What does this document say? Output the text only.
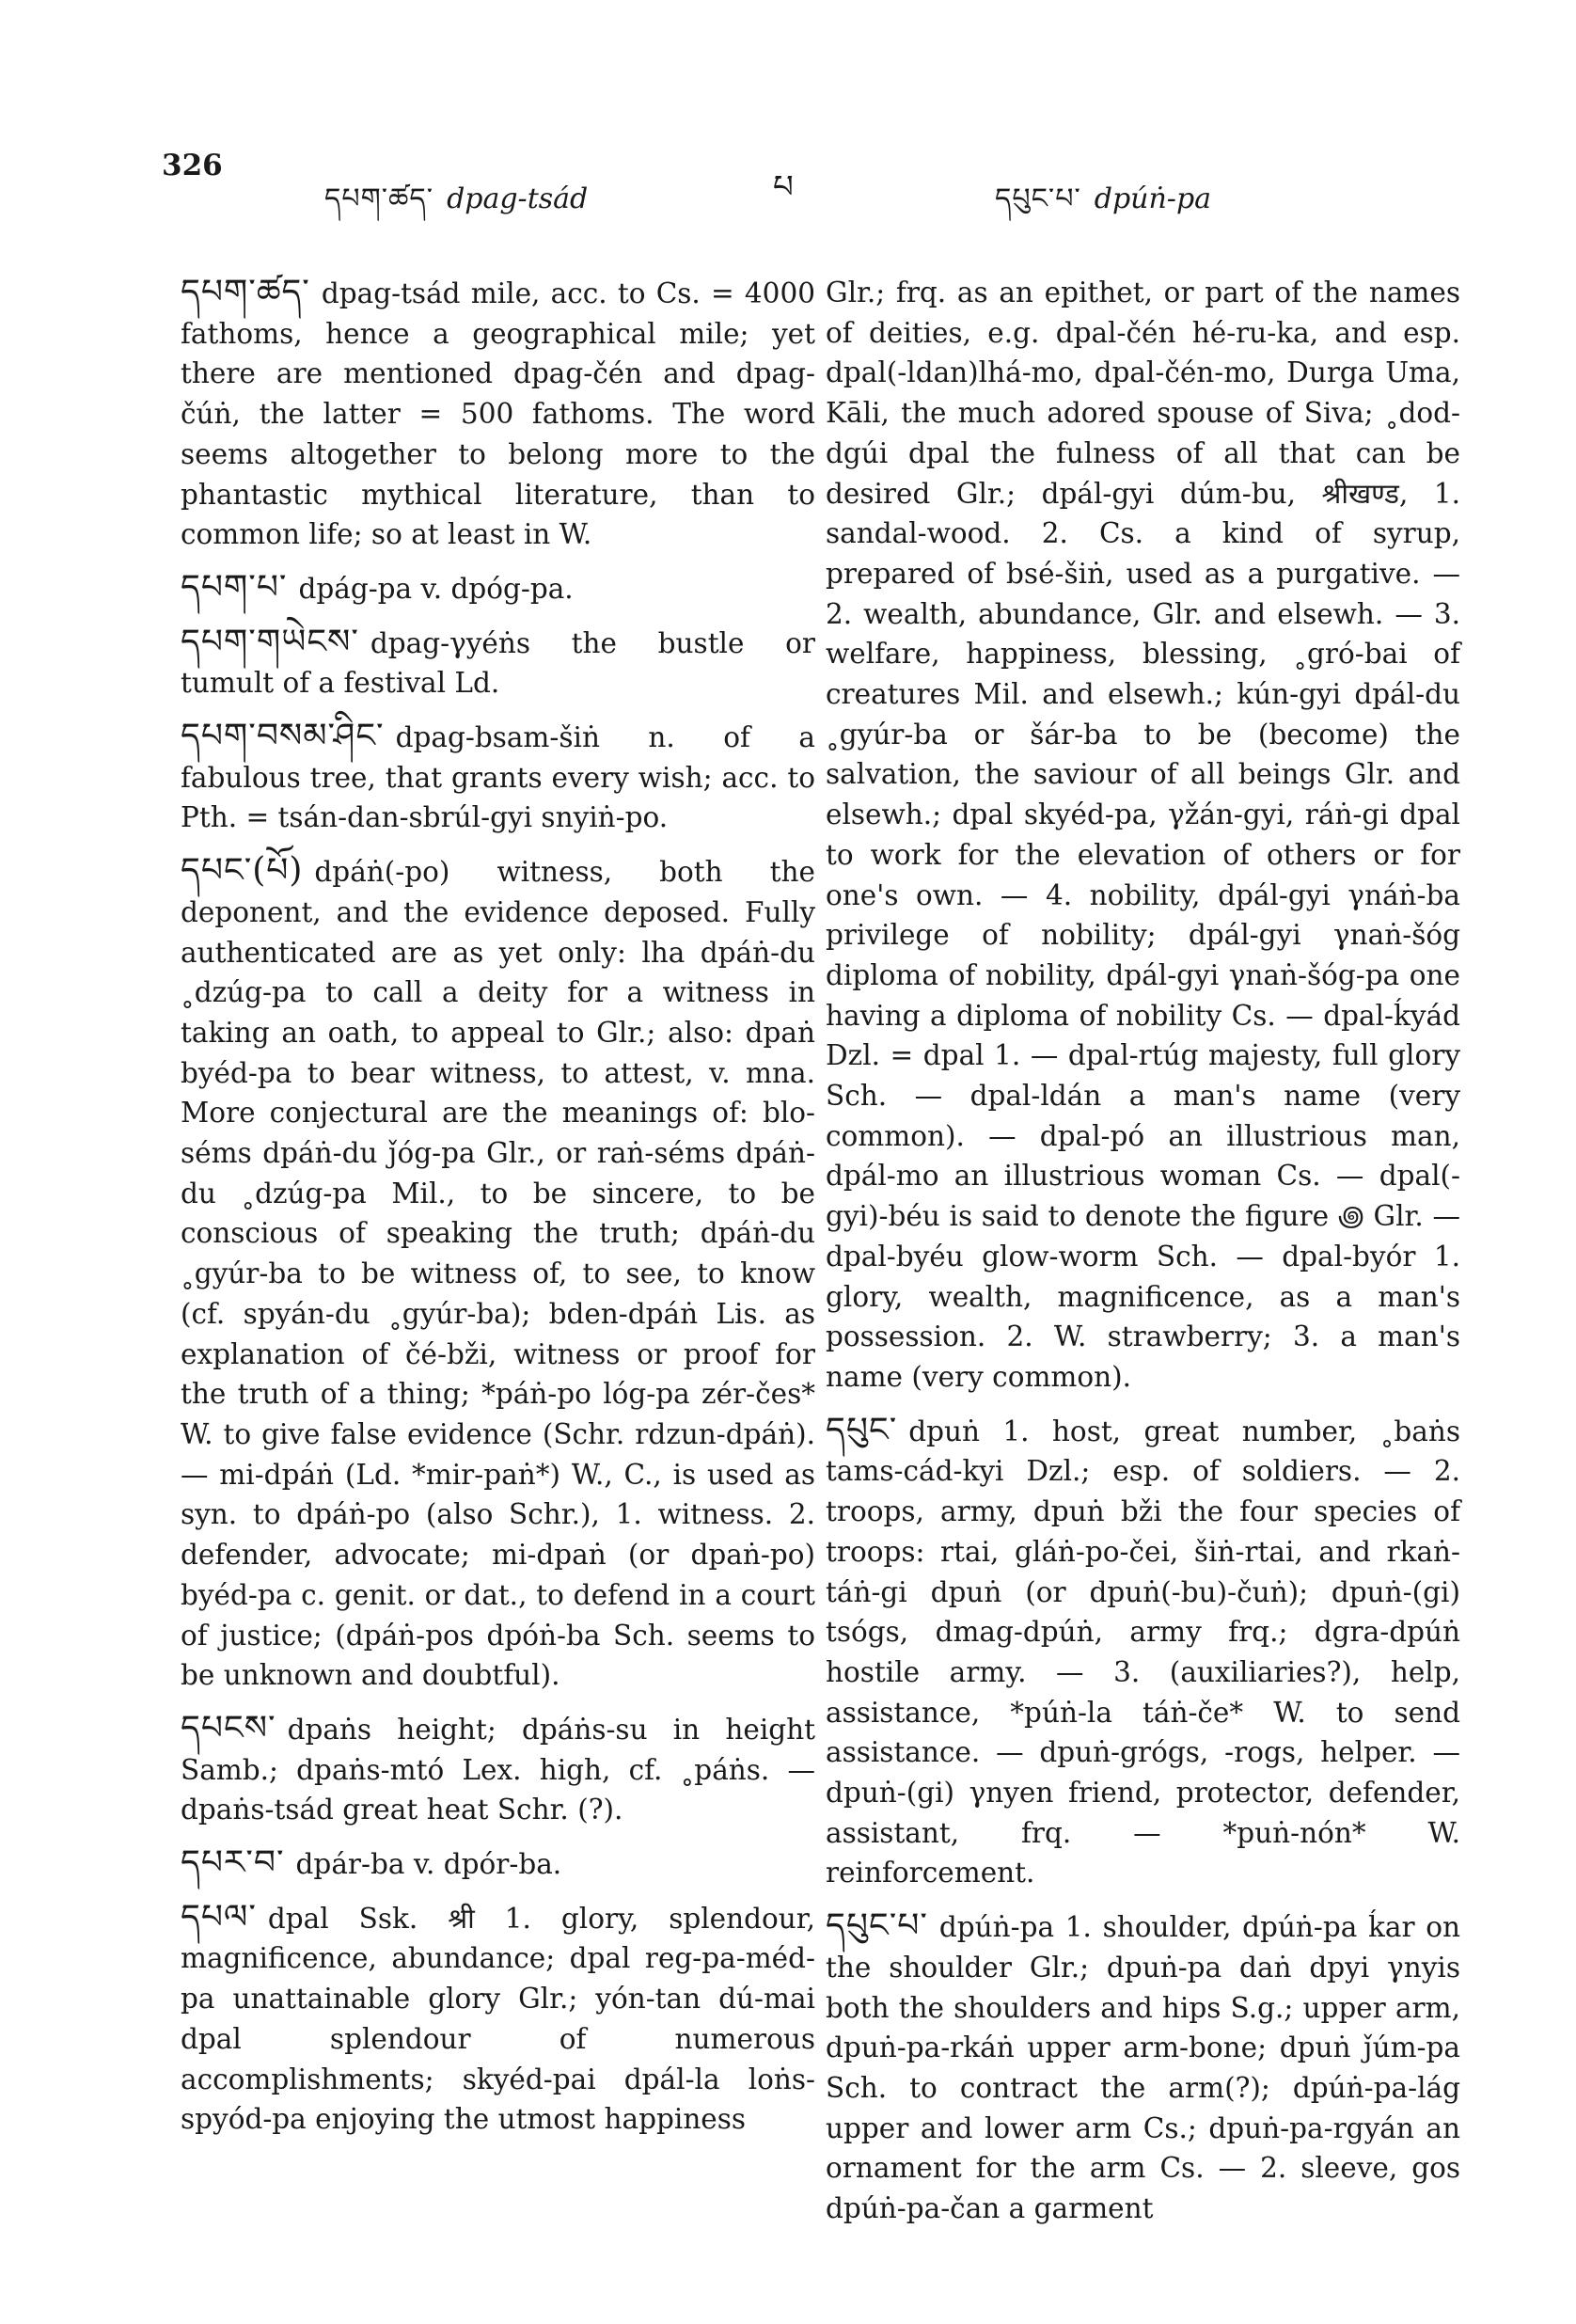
326
དཔག་ཚད་ dpag-tsád	པ	དཔུང་པ་ dpúṅ-pa
དཔག་ཚད་ dpag-tsád mile, acc. to Cs. = 4000 fathoms, hence a geographical mile; yet there are mentioned dpag-čén and dpag-čúṅ, the latter = 500 fathoms. The word seems altogether to belong more to the phantastic mythical literature, than to common life; so at least in W.
དཔག་པ་ dpág-pa v. dpóg-pa.
དཔག་གཡེངས་ dpag-γyéṅs the bustle or tumult of a festival Ld.
དཔག་བསམ་ཤིང་ dpag-bsam-šiṅ n. of a fabulous tree, that grants every wish; acc. to Pth. = tsán-dan-sbrúl-gyi snyiṅ-po.
དཔང་(པོ) dpáṅ(-po) witness, both the deponent, and the evidence deposed. Fully authenticated are as yet only: lha dpáṅ-du ˳dzúg-pa to call a deity for a witness in taking an oath, to appeal to Glr.; also: dpaṅ byéd-pa to bear witness, to attest, v. mna. More conjectural are the meanings of: blo-séms dpáṅ-du ǰóg-pa Glr., or raṅ-séms dpáṅ-du ˳dzúg-pa Mil., to be sincere, to be conscious of speaking the truth; dpáṅ-du ˳gyúr-ba to be witness of, to see, to know (cf. spyán-du ˳gyúr-ba); bden-dpáṅ Lis. as explanation of čé-bži, witness or proof for the truth of a thing; *páṅ-po lóg-pa zér-čes* W. to give false evidence (Schr. rdzun-dpáṅ). — mi-dpáṅ (Ld. *mir-paṅ*) W., C., is used as syn. to dpáṅ-po (also Schr.), 1. witness. 2. defender, advocate; mi-dpaṅ (or dpaṅ-po) byéd-pa c. genit. or dat., to defend in a court of justice; (dpáṅ-pos dpóṅ-ba Sch. seems to be unknown and doubtful).
དཔངས་ dpaṅs height; dpáṅs-su in height Samb.; dpaṅs-mtó Lex. high, cf. ˳páṅs. — dpaṅs-tsád great heat Schr. (?).
དཔར་བ་ dpár-ba v. dpór-ba.
དཔལ་ dpal Ssk. श्री 1. glory, splendour, magnificence, abundance; dpal reg-pa-méd-pa unattainable glory Glr.; yón-tan dú-mai dpal splendour of numerous accomplishments; skyéd-pai dpál-la loṅs-spyód-pa enjoying the utmost happiness
Glr.; frq. as an epithet, or part of the names of deities, e.g. dpal-čén hé-ru-ka, and esp. dpal(-ldan)lhá-mo, dpal-čén-mo, Durga Uma, Kāli, the much adored spouse of Siva; ˳dod-dgúi dpal the fulness of all that can be desired Glr.; dpál-gyi dúm-bu, श्रीखण्ड, 1. sandal-wood. 2. Cs. a kind of syrup, prepared of bsé-šiṅ, used as a purgative. — 2. wealth, abundance, Glr. and elsewh. — 3. welfare, happiness, blessing, ˳gró-bai of creatures Mil. and elsewh.; kún-gyi dpál-du ˳gyúr-ba or šár-ba to be (become) the salvation, the saviour of all beings Glr. and elsewh.; dpal skyéd-pa, γžán-gyi, ráṅ-gi dpal to work for the elevation of others or for one's own. — 4. nobility, dpál-gyi γnáṅ-ba privilege of nobility; dpál-gyi γnaṅ-šóg diploma of nobility, dpál-gyi γnaṅ-šóg-pa one having a diploma of nobility Cs. — dpal-ḱyád Dzl. = dpal 1. — dpal-rtúg majesty, full glory Sch. — dpal-ldán a man's name (very common). — dpal-pó an illustrious man, dpál-mo an illustrious woman Cs. — dpal(-gyi)-béu is said to denote the figure ꩜ Glr. — dpal-byéu glow-worm Sch. — dpal-byór 1. glory, wealth, magnificence, as a man's possession. 2. W. strawberry; 3. a man's name (very common).
དཔུང་ dpuṅ 1. host, great number, ˳baṅs tams-cád-kyi Dzl.; esp. of soldiers. — 2. troops, army, dpuṅ bži the four species of troops: rtai, gláṅ-po-čei, šiṅ-rtai, and rkaṅ-táṅ-gi dpuṅ (or dpuṅ(-bu)-čuṅ); dpuṅ-(gi) tsógs, dmag-dpúṅ, army frq.; dgra-dpúṅ hostile army. — 3. (auxiliaries?), help, assistance, *púṅ-la táṅ-če* W. to send assistance. — dpuṅ-grógs, -rogs, helper. — dpuṅ-(gi) γnyen friend, protector, defender, assistant, frq. — *puṅ-nón* W. reinforcement.
དཔུང་པ་ dpúṅ-pa 1. shoulder, dpúṅ-pa ḱar on the shoulder Glr.; dpuṅ-pa daṅ dpyi γnyis both the shoulders and hips S.g.; upper arm, dpuṅ-pa-rkáṅ upper arm-bone; dpuṅ ǰúm-pa Sch. to contract the arm(?); dpúṅ-pa-lág upper and lower arm Cs.; dpuṅ-pa-rgyán an ornament for the arm Cs. — 2. sleeve, gos dpúṅ-pa-čan a garment
